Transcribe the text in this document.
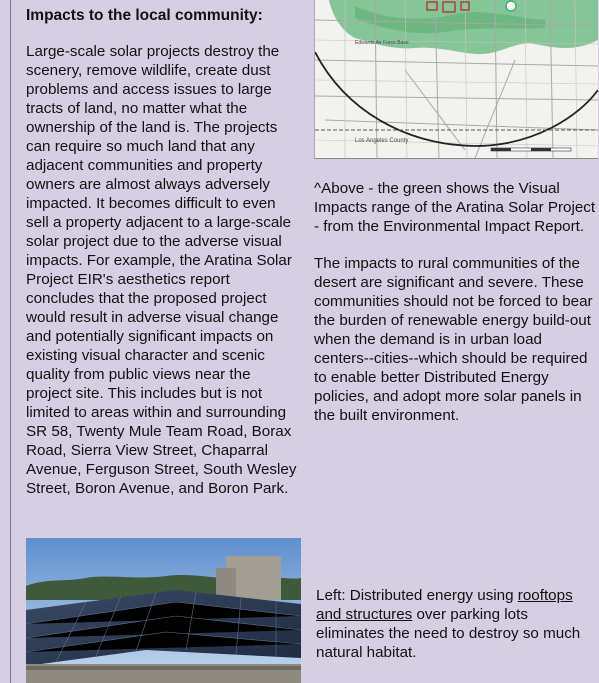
Impacts to the local community:

Large-scale solar projects destroy the scenery, remove wildlife, create dust problems and access issues to large tracts of land, no matter what the ownership of the land is. The projects can require so much land that any adjacent communities and property owners are almost always adversely impacted. It becomes difficult to even sell a property adjacent to a large-scale solar project due to the adverse visual impacts. For example, the Aratina Solar Project EIR's aesthetics report concludes that the proposed project would result in adverse visual change and potentially significant impacts on existing visual character and scenic quality from public views near the project site. This includes but is not limited to areas within and surrounding SR 58, Twenty Mule Team Road, Borax Road, Sierra View Street, Chaparral Avenue, Ferguson Street, South Wesley Street, Boron Avenue, and Boron Park.

Edwards Air Force Base
Los Angeles County

^Above - the green shows the Visual Impacts range of the Aratina Solar Project - from the Environmental Impact Report.

The impacts to rural communities of the desert are significant and severe. These communities should not be forced to bear the burden of renewable energy build-out when the demand is in urban load centers--cities--which should be required to enable better Distributed Energy policies, and adopt more solar panels in the built environment.

Left: Distributed energy using rooftops and structures over parking lots eliminates the need to destroy so much natural habitat.
